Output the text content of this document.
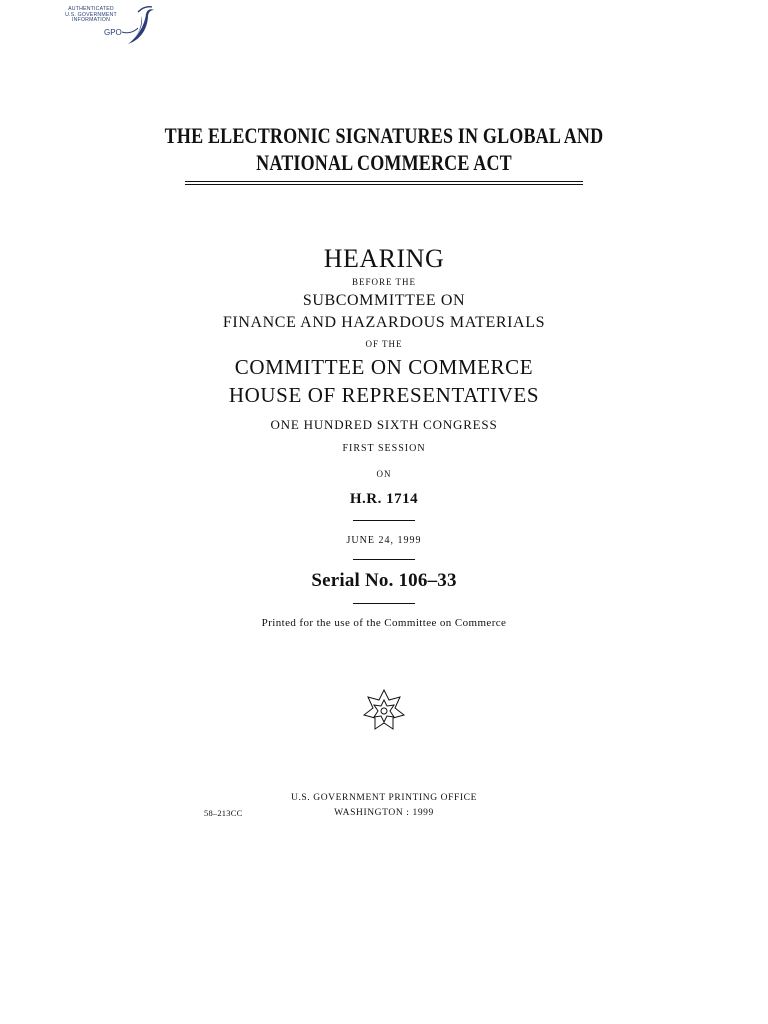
AUTHENTICATED
U.S. GOVERNMENT
INFORMATION
GPO
THE ELECTRONIC SIGNATURES IN GLOBAL AND
NATIONAL COMMERCE ACT
HEARING
BEFORE THE
SUBCOMMITTEE ON
FINANCE AND HAZARDOUS MATERIALS
OF THE
COMMITTEE ON COMMERCE
HOUSE OF REPRESENTATIVES
ONE HUNDRED SIXTH CONGRESS
FIRST SESSION
ON
H.R. 1714
JUNE 24, 1999
Serial No. 106–33
Printed for the use of the Committee on Commerce
U.S. GOVERNMENT PRINTING OFFICE
58–213CC	WASHINGTON : 1999
